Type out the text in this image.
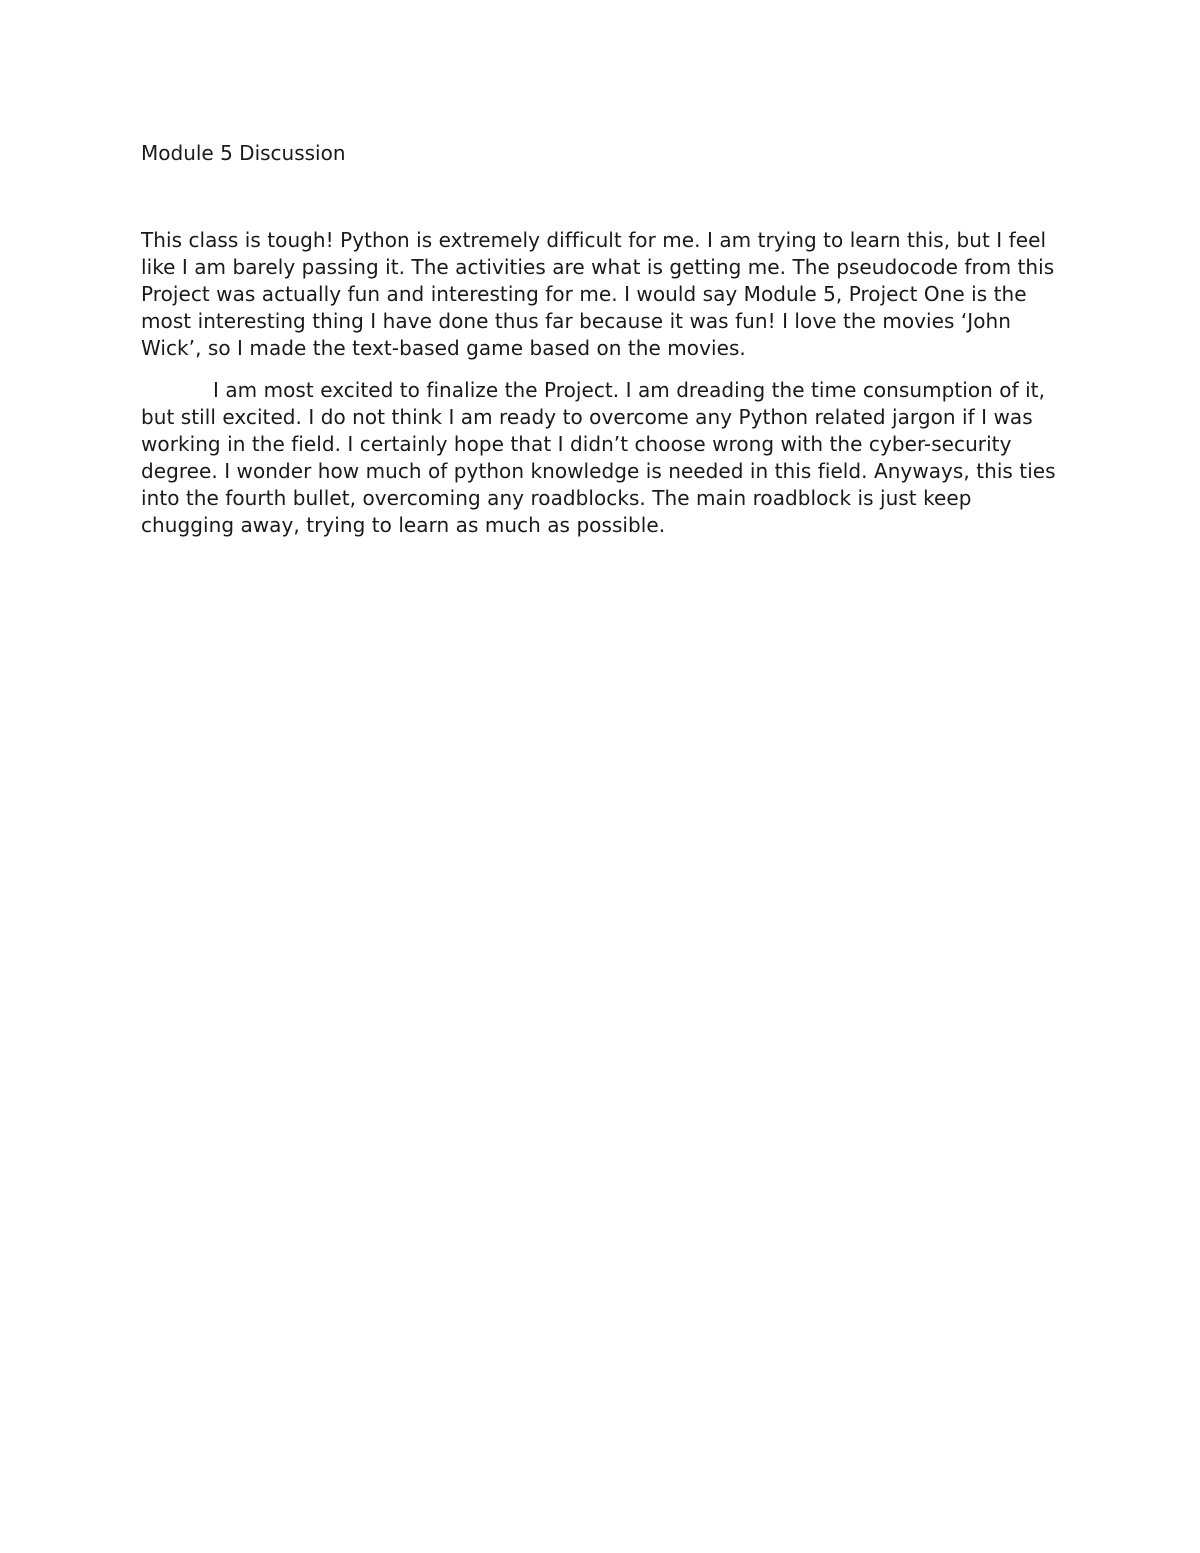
Module 5 Discussion

This class is tough! Python is extremely difficult for me. I am trying to learn this, but I feel like I am barely passing it. The activities are what is getting me. The pseudocode from this Project was actually fun and interesting for me. I would say Module 5, Project One is the most interesting thing I have done thus far because it was fun! I love the movies ‘John Wick’, so I made the text-based game based on the movies.

I am most excited to finalize the Project. I am dreading the time consumption of it, but still excited. I do not think I am ready to overcome any Python related jargon if I was working in the field. I certainly hope that I didn’t choose wrong with the cyber-security degree. I wonder how much of python knowledge is needed in this field. Anyways, this ties into the fourth bullet, overcoming any roadblocks. The main roadblock is just keep chugging away, trying to learn as much as possible.
